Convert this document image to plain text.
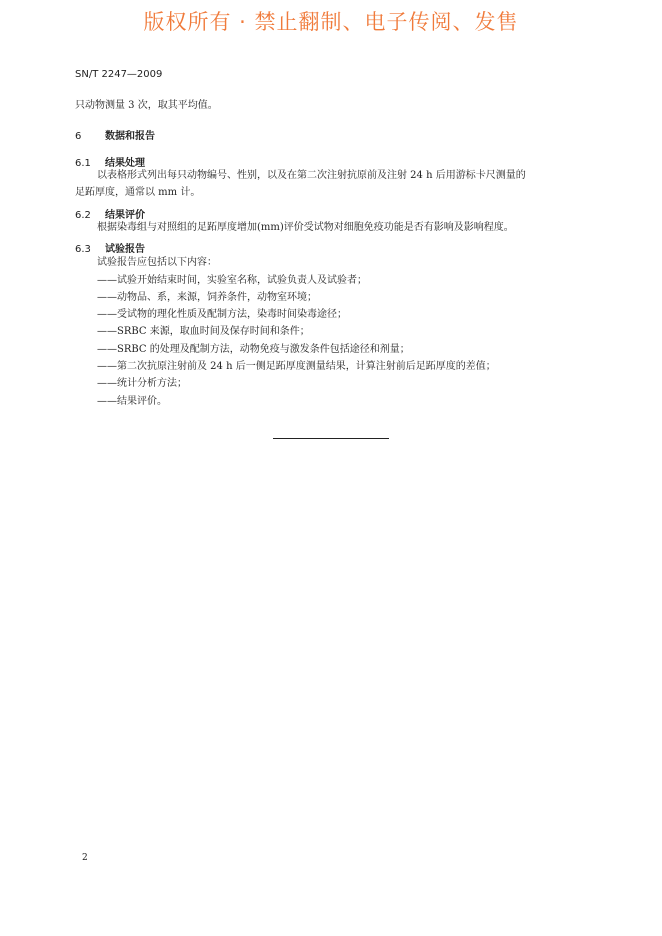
版权所有 · 禁止翻制、电子传阅、发售
SN/T 2247—2009
只动物测量 3 次，取其平均值。
6 数据和报告
6.1 结果处理
以表格形式列出每只动物编号、性别，以及在第二次注射抗原前及注射 24 h 后用游标卡尺测量的
足跖厚度，通常以 mm 计。
6.2 结果评价
根据染毒组与对照组的足跖厚度增加(mm)评价受试物对细胞免疫功能是否有影响及影响程度。
6.3 试验报告
试验报告应包括以下内容：
——试验开始结束时间，实验室名称，试验负责人及试验者；
——动物品、系，来源，饲养条件，动物室环境；
——受试物的理化性质及配制方法，染毒时间染毒途径；
——SRBC 来源，取血时间及保存时间和条件；
——SRBC 的处理及配制方法，动物免疫与激发条件包括途径和剂量；
——第二次抗原注射前及 24 h 后一侧足跖厚度测量结果，计算注射前后足跖厚度的差值；
——统计分析方法；
——结果评价。
2
